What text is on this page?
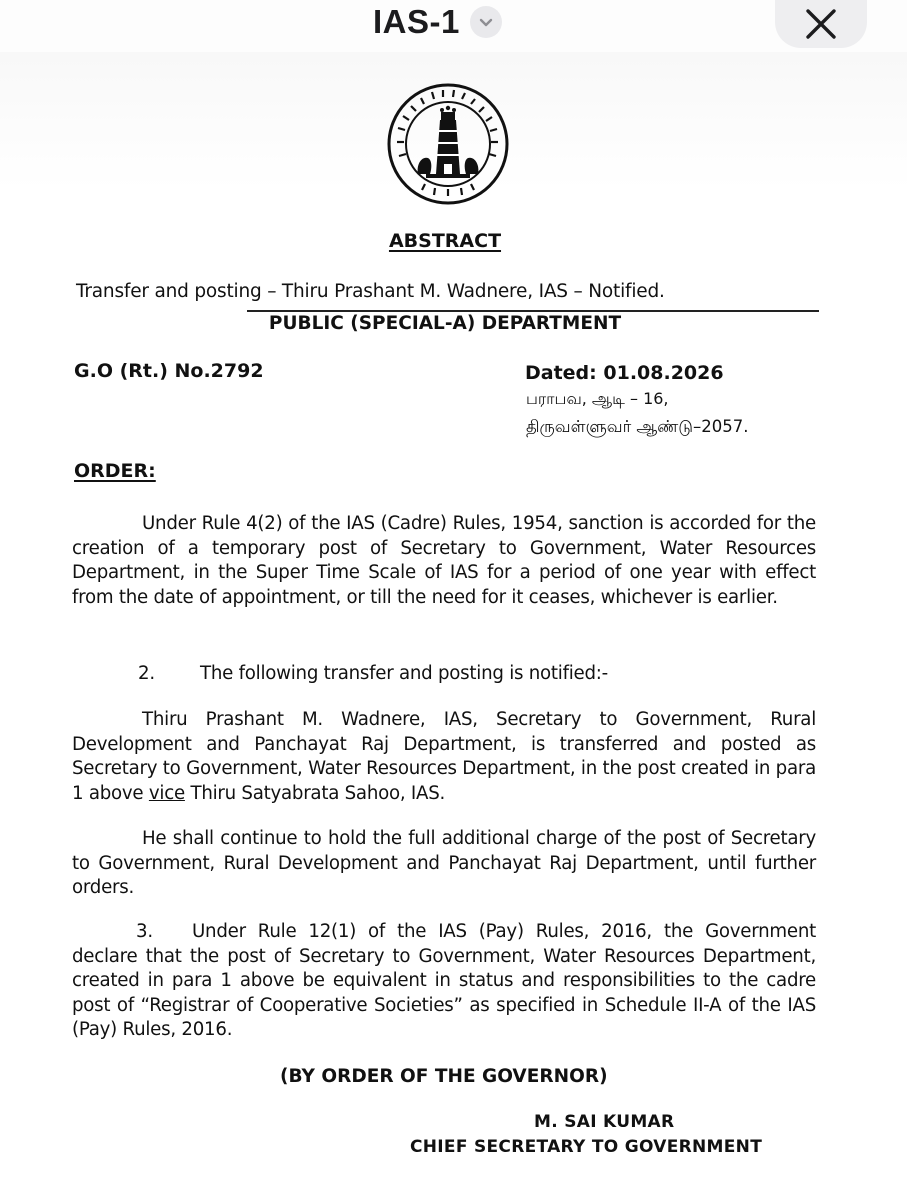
IAS-1
ABSTRACT
Transfer and posting – Thiru Prashant M. Wadnere, IAS – Notified.
PUBLIC (SPECIAL-A) DEPARTMENT
G.O (Rt.) No.2792	Dated: 01.08.2026
பராபவ, ஆடி – 16,
திருவள்ளுவர் ஆண்டு–2057.
ORDER:
Under Rule 4(2) of the IAS (Cadre) Rules, 1954, sanction is accorded for the creation of a temporary post of Secretary to Government, Water Resources Department, in the Super Time Scale of IAS for a period of one year with effect from the date of appointment, or till the need for it ceases, whichever is earlier.
2. The following transfer and posting is notified:-
Thiru Prashant M. Wadnere, IAS, Secretary to Government, Rural Development and Panchayat Raj Department, is transferred and posted as Secretary to Government, Water Resources Department, in the post created in para 1 above vice Thiru Satyabrata Sahoo, IAS.
He shall continue to hold the full additional charge of the post of Secretary to Government, Rural Development and Panchayat Raj Department, until further orders.
3. Under Rule 12(1) of the IAS (Pay) Rules, 2016, the Government declare that the post of Secretary to Government, Water Resources Department, created in para 1 above be equivalent in status and responsibilities to the cadre post of “Registrar of Cooperative Societies” as specified in Schedule II-A of the IAS (Pay) Rules, 2016.
(BY ORDER OF THE GOVERNOR)
M. SAI KUMAR
CHIEF SECRETARY TO GOVERNMENT
